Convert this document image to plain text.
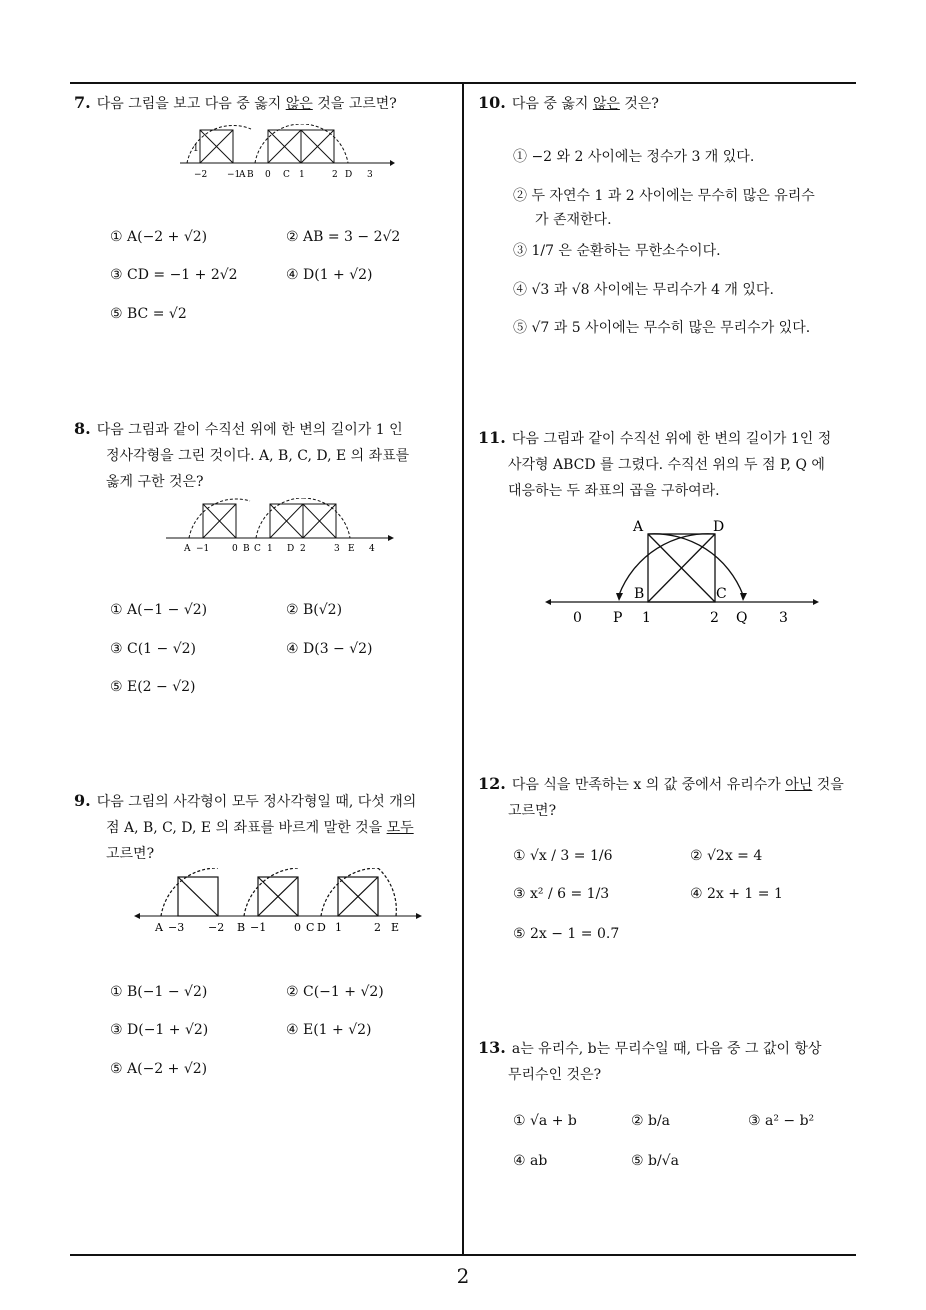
7. 다음 그림을 보고 다음 중 옳지 않은 것을 고르면?
1
−2 −1
A B 0 C 1	2 D 3
① A(−2 + √2)	② AB = 3 − 2√2
③ CD = −1 + 2√2	④ D(1 + √2)
⑤ BC = √2
8. 다음 그림과 같이 수직선 위에 한 변의 길이가 1 인
정사각형을 그린 것이다. A, B, C, D, E 의 좌표를
옳게 구한 것은?
A −1	0 B C 1 D 2	3 E 4
① A(−1 − √2)	② B(√2)
③ C(1 − √2)	④ D(3 − √2)
⑤ E(2 − √2)
9. 다음 그림의 사각형이 모두 정사각형일 때, 다섯 개의
점 A, B, C, D, E 의 좌표를 바르게 말한 것을 모두
고르면?
A −3 −2 B −1	0 C D 1	2 E
① B(−1 − √2)	② C(−1 + √2)
③ D(−1 + √2)	④ E(1 + √2)
⑤ A(−2 + √2)
10. 다음 중 옳지 않은 것은?
① −2 와 2 사이에는 정수가 3 개 있다.
② 두 자연수 1 과 2 사이에는 무수히 많은 유리수
가 존재한다.
③ 1/7 은 순환하는 무한소수이다.
④ √3 과 √8 사이에는 무리수가 4 개 있다.
⑤ √7 과 5 사이에는 무수히 많은 무리수가 있다.
11. 다음 그림과 같이 수직선 위에 한 변의 길이가 1인 정
사각형 ABCD 를 그렸다. 수직선 위의 두 점 P, Q 에
대응하는 두 좌표의 곱을 구하여라.
A	D
B	C
0 P 1	2 Q 3
12. 다음 식을 만족하는 x 의 값 중에서 유리수가 아닌 것을
고르면?
① √x / 3 = 1/6	② √2x = 4
③ x² / 6 = 1/3	④ 2x + 1 = 1
⑤ 2x − 1 = 0.7̇
13. a는 유리수, b는 무리수일 때, 다음 중 그 값이 항상
무리수인 것은?
① √a + b	② b/a	③ a² − b²
④ ab	⑤ b/√a
2
